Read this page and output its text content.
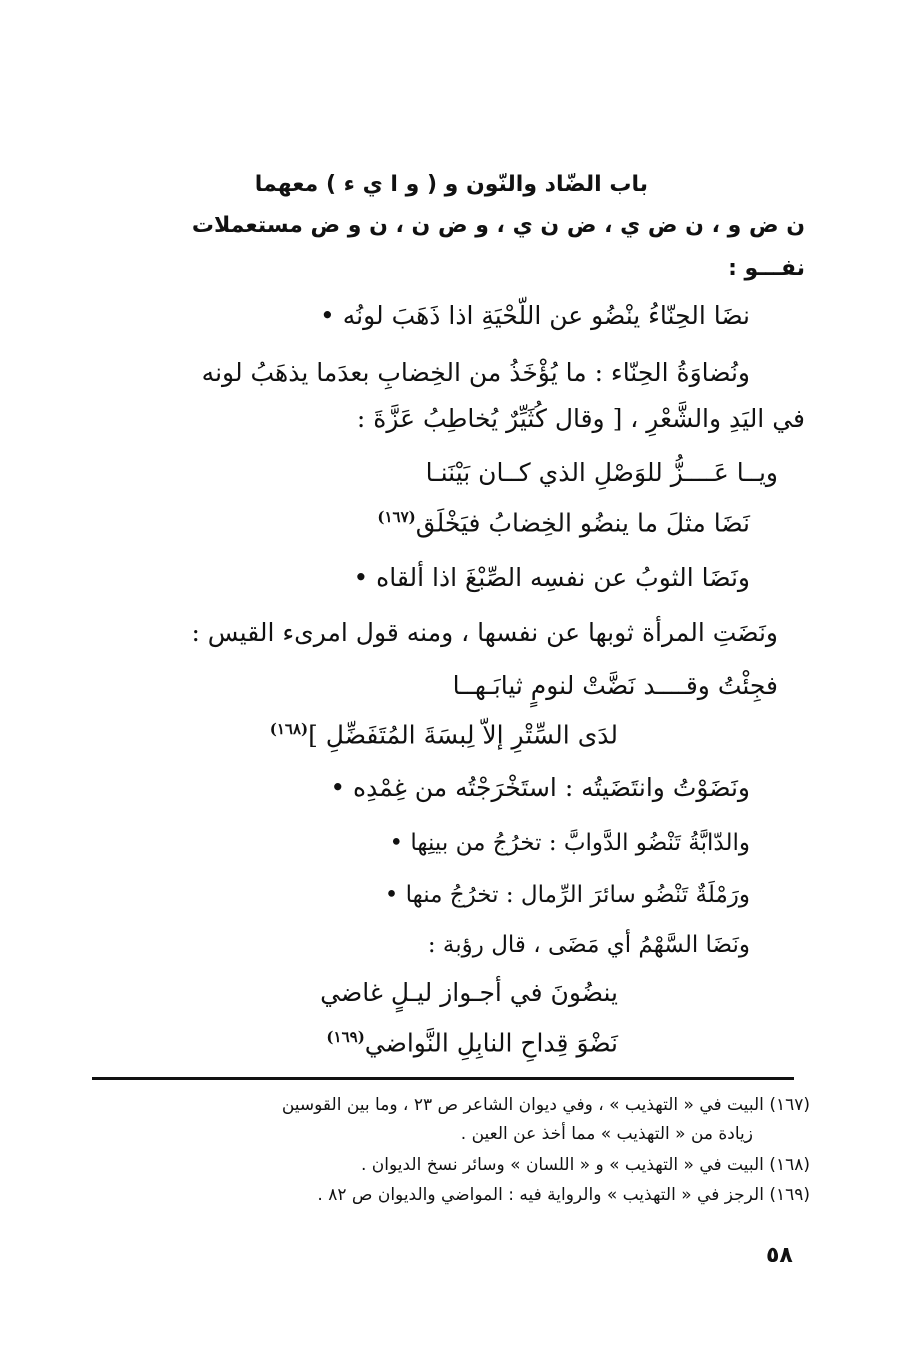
باب الضّاد والنّون و ( و ا ي ء ) معهما
ن ض و ، ن ض ي ، ض ن ي ، و ض ن ، ن و ض مستعملات
نفـــو :
نضَا الحِنّاءُ ينْضُو عن اللّحْيَةِ اذا ذَهَبَ لونُه •
ونُضاوَةُ الحِنّاء : ما يُؤْخَذُ من الخِضابِ بعدَما يذهَبُ لونه
في اليَدِ والشَّعْرِ ، [ وقال كُثَيِّرٌ يُخاطِبُ عَزَّةَ :
ويــا عَــــزُّ للوَصْلِ الذي كــان بَيْنَنـا
نَضَا مثلَ ما ينضُو الخِضابُ فيَخْلَق$^{(١٦٧)}$
ونَضَا الثوبُ عن نفسِه الصِّبْغَ اذا ألقاه •
ونَضَتِ المرأة ثوبها عن نفسها ، ومنه قول امرىء القيس :
فجِئْتُ وقــــد نَضَّتْ لنومٍ ثيابَـهــا
لدَى السِّتْرِ إلاّ لِبسَةَ المُتَفَضِّلِ ]$^{(١٦٨)}$
ونَضَوْتُ وانتَضَيتُه : استَخْرَجْتُه من غِمْدِه •
والدّابَّةُ تَنْضُو الدَّوابَّ : تخرُجُ من بينِها •
ورَمْلَةٌ تَنْضُو سائرَ الرِّمال : تخرُجُ منها •
ونَضَا السَّهْمُ أي مَضَى ، قال رؤبة :
ينضُونَ في أجـواز ليـلٍ غاضي
نَضْوَ قِداحِ النابِلِ النَّواضي$^{(١٦٩)}$
(١٦٧) البيت في « التهذيب » ، وفي ديوان الشاعر ص ٢٣ ، وما بين القوسين
زيادة من « التهذيب » مما أخذ عن العين .
(١٦٨) البيت في « التهذيب » و « اللسان » وسائر نسخ الديوان .
(١٦٩) الرجز في « التهذيب » والرواية فيه : المواضي والديوان ص ٨٢ .
٥٨
